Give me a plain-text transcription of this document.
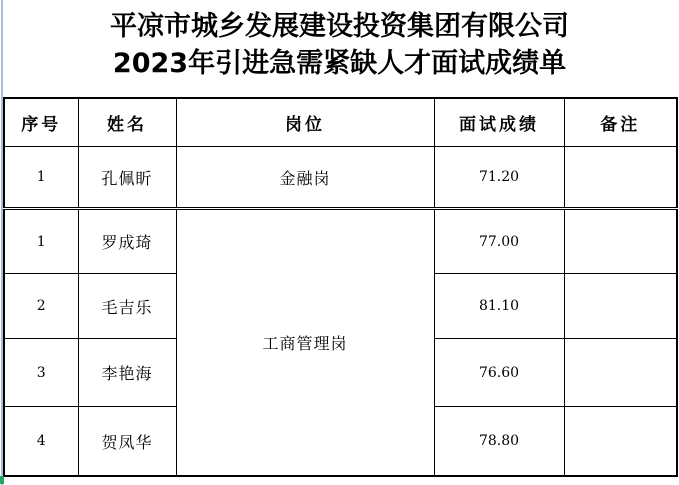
平凉市城乡发展建设投资集团有限公司
2023年引进急需紧缺人才面试成绩单
序号	姓名	岗位	面试成绩	备注
1	孔佩盺	金融岗	71.20	
1	罗成琦	工商管理岗	77.00	
2	毛吉乐		81.10	
3	李艳海		76.60	
4	贺凤华		78.80	
